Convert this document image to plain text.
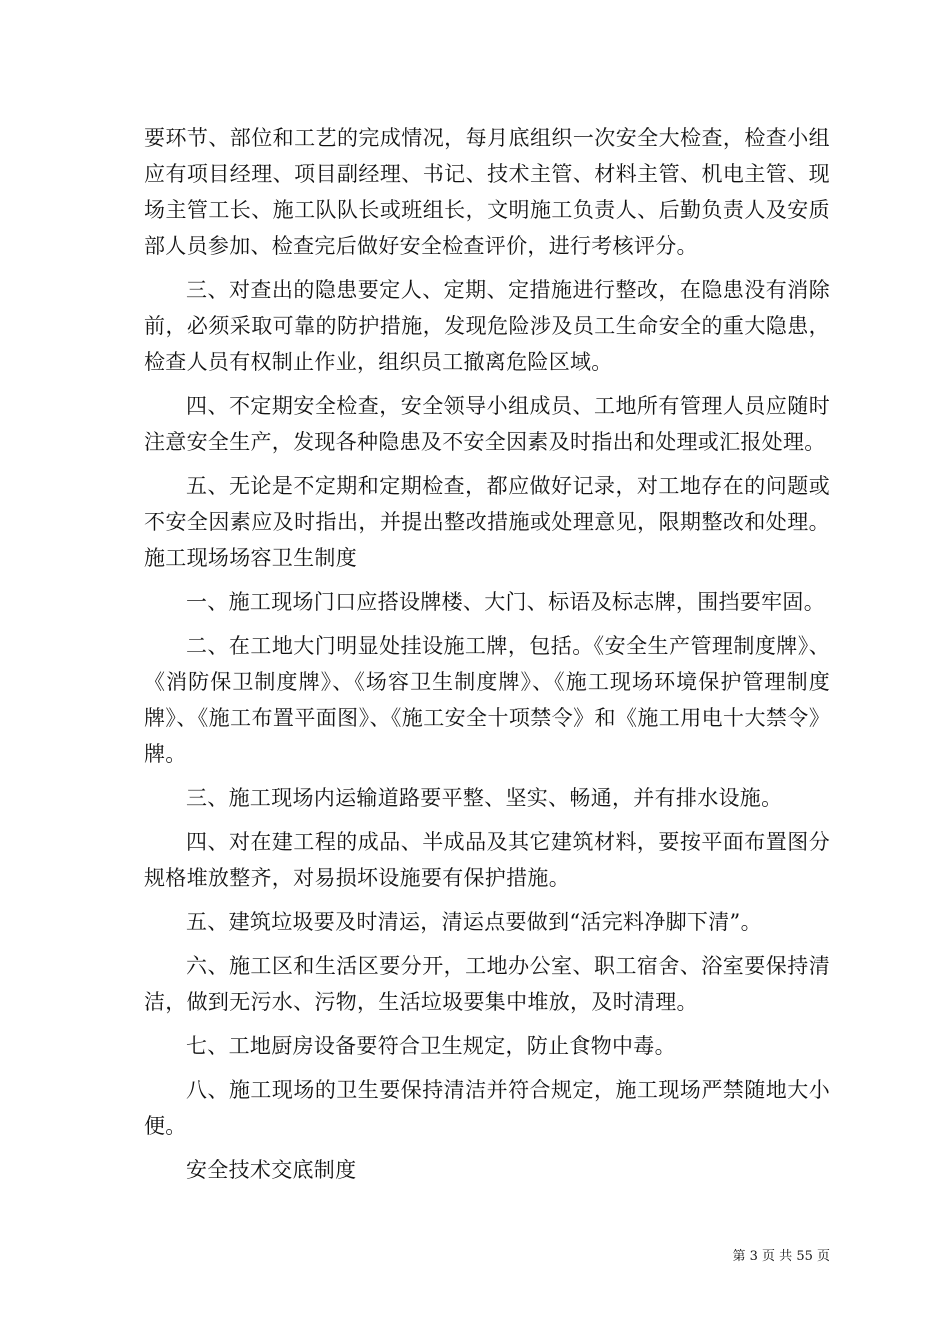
要环节、部位和工艺的完成情况，每月底组织一次安全大检查，检查小组应有项目经理、项目副经理、书记、技术主管、材料主管、机电主管、现场主管工长、施工队队长或班组长，文明施工负责人、后勤负责人及安质部人员参加、检查完后做好安全检查评价，进行考核评分。

三、对查出的隐患要定人、定期、定措施进行整改，在隐患没有消除前，必须采取可靠的防护措施，发现危险涉及员工生命安全的重大隐患，检查人员有权制止作业，组织员工撤离危险区域。

四、不定期安全检查，安全领导小组成员、工地所有管理人员应随时注意安全生产，发现各种隐患及不安全因素及时指出和处理或汇报处理。

五、无论是不定期和定期检查，都应做好记录，对工地存在的问题或不安全因素应及时指出，并提出整改措施或处理意见，限期整改和处理。施工现场场容卫生制度

一、施工现场门口应搭设牌楼、大门、标语及标志牌，围挡要牢固。

二、在工地大门明显处挂设施工牌，包括。《安全生产管理制度牌》、《消防保卫制度牌》、《场容卫生制度牌》、《施工现场环境保护管理制度牌》、《施工布置平面图》、《施工安全十项禁令》和《施工用电十大禁令》牌。

三、施工现场内运输道路要平整、坚实、畅通，并有排水设施。

四、对在建工程的成品、半成品及其它建筑材料，要按平面布置图分规格堆放整齐，对易损坏设施要有保护措施。

五、建筑垃圾要及时清运，清运点要做到“活完料净脚下清”。

六、施工区和生活区要分开，工地办公室、职工宿舍、浴室要保持清洁，做到无污水、污物，生活垃圾要集中堆放，及时清理。

七、工地厨房设备要符合卫生规定，防止食物中毒。

八、施工现场的卫生要保持清洁并符合规定，施工现场严禁随地大小便。

安全技术交底制度

第 3 页 共 55 页
